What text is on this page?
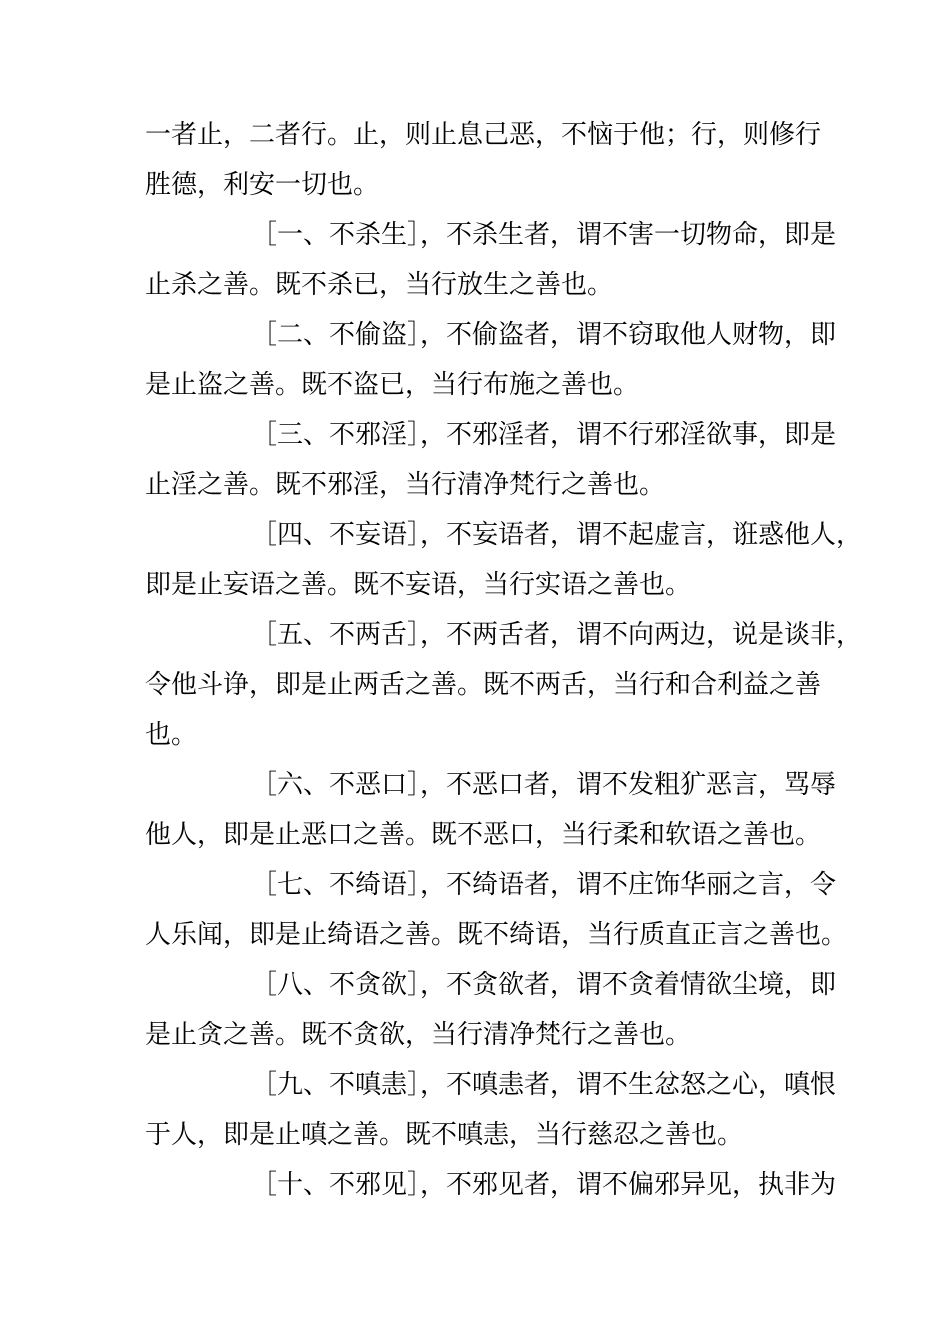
一者止，二者行。止，则止息己恶，不恼于他；行，则修行
胜德，利安一切也。
［一、不杀生］，不杀生者，谓不害一切物命，即是
止杀之善。既不杀已，当行放生之善也。
［二、不偷盗］，不偷盗者，谓不窃取他人财物，即
是止盗之善。既不盗已，当行布施之善也。
［三、不邪淫］，不邪淫者，谓不行邪淫欲事，即是
止淫之善。既不邪淫，当行清净梵行之善也。
［四、不妄语］，不妄语者，谓不起虚言，诳惑他人，
即是止妄语之善。既不妄语，当行实语之善也。
［五、不两舌］，不两舌者，谓不向两边，说是谈非，
令他斗诤，即是止两舌之善。既不两舌，当行和合利益之善
也。
［六、不恶口］，不恶口者，谓不发粗犷恶言，骂辱
他人，即是止恶口之善。既不恶口，当行柔和软语之善也。
［七、不绮语］，不绮语者，谓不庄饰华丽之言，令
人乐闻，即是止绮语之善。既不绮语，当行质直正言之善也。
［八、不贪欲］，不贪欲者，谓不贪着情欲尘境，即
是止贪之善。既不贪欲，当行清净梵行之善也。
［九、不嗔恚］，不嗔恚者，谓不生忿怒之心，嗔恨
于人，即是止嗔之善。既不嗔恚，当行慈忍之善也。
［十、不邪见］，不邪见者，谓不偏邪异见，执非为
